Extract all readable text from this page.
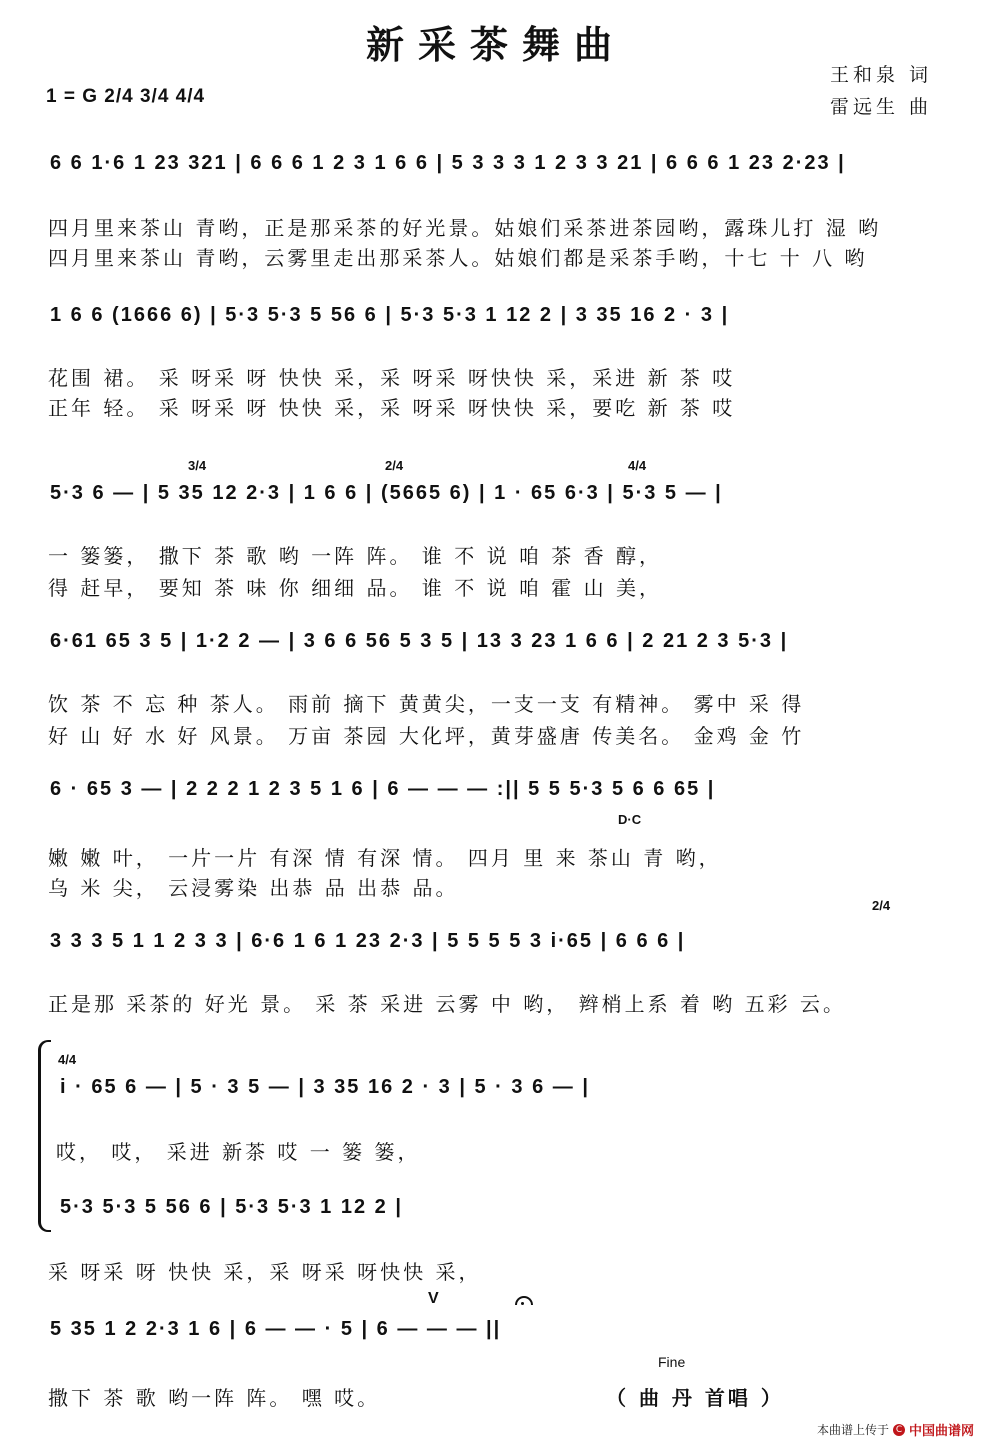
新采茶舞曲
王和泉 词
雷远生 曲
1 = G 2/4 3/4 4/4
6 6 1·6 1 23 321 | 6 6 6 1 2 3 1 6 6 | 5 3 3 3 1 2 3 3 21 | 6 6 6 1 23 2·23 |
四月里来茶山 青哟，正是那采茶的好光景。姑娘们采茶进茶园哟，露珠儿打 湿 哟
四月里来茶山 青哟，云雾里走出那采茶人。姑娘们都是采茶手哟，十七 十 八 哟
1 6 6 (1666 6) | 5·3 5·3 5 56 6 | 5·3 5·3 1 12 2 | 3 35 16 2 · 3 |
花围 裙。 采 呀采 呀 快快 采，采 呀采 呀快快 采，采进 新 茶 哎
正年 轻。 采 呀采 呀 快快 采，采 呀采 呀快快 采，要吃 新 茶 哎
3/4	2/4	4/4
5·3 6 — | 5 35 12 2·3 | 1 6 6 | (5665 6) | 1 · 65 6·3 | 5·3 5 — |
一 篓篓， 撒下 茶 歌 哟 一阵 阵。 谁 不 说 咱 茶 香 醇，
得 赶早， 要知 茶 味 你 细细 品。 谁 不 说 咱 霍 山 美，
6·61 65 3 5 | 1·2 2 — | 3 6 6 56 5 3 5 | 13 3 23 1 6 6 | 2 21 2 3 5·3 |
饮 茶 不 忘 种 茶人。 雨前 摘下 黄黄尖，一支一支 有精神。 雾中 采 得
好 山 好 水 好 风景。 万亩 茶园 大化坪，黄芽盛唐 传美名。 金鸡 金 竹
6 · 65 3 — | 2 2 2 1 2 3 5 1 6 | 6 — — — :|| 5 5 5·3 5 6 6 65 |
D·C
嫩 嫩 叶， 一片一片 有深 情 有深 情。 四月 里 来 茶山 青 哟，
乌 米 尖， 云浸雾染 出恭 品 出恭 品。
2/4
3 3 3 5 1 1 2 3 3 | 6·6 1 6 1 23 2·3 | 5 5 5 5 3 i·65 | 6 6 6 |
正是那 采茶的 好光 景。 采 茶 采进 云雾 中 哟， 辫梢上系 着 哟 五彩 云。
4/4
i · 65 6 — | 5 · 3 5 — | 3 35 16 2 · 3 | 5 · 3 6 — |
哎， 哎， 采进 新茶 哎 一 篓 篓，
5·3 5·3 5 56 6 | 5·3 5·3 1 12 2 |
采 呀采 呀 快快 采，采 呀采 呀快快 采，
V
5 35 1 2 2·3 1 6 | 6 — — · 5 | 6 — — — ||
Fine
撒下 茶 歌 哟一阵 阵。 嘿 哎。	（ 曲 丹 首唱 ）
本曲谱上传于 C 中国曲谱网
